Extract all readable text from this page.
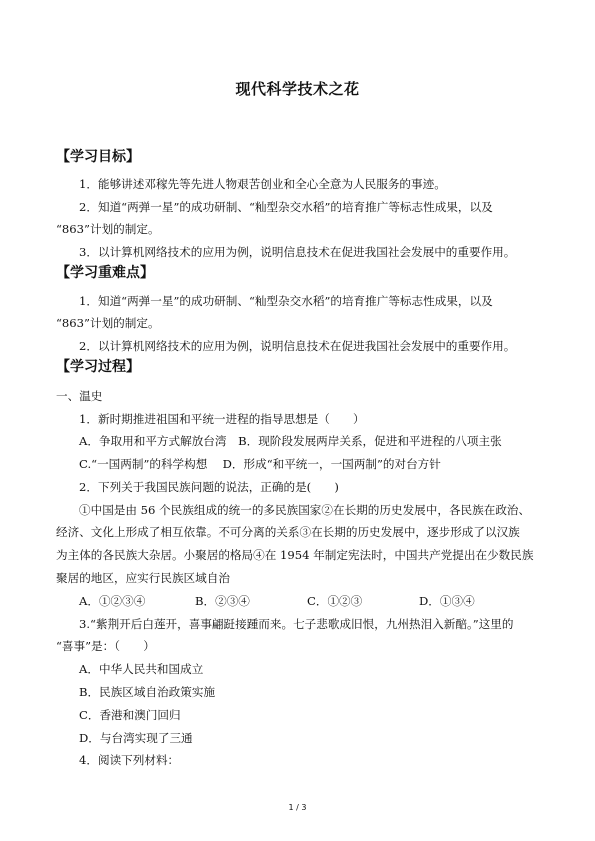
现代科学技术之花
【学习目标】
1．能够讲述邓稼先等先进人物艰苦创业和全心全意为人民服务的事迹。
2．知道“两弹一星”的成功研制、“籼型杂交水稻”的培育推广等标志性成果，以及
“863”计划的制定。
3．以计算机网络技术的应用为例，说明信息技术在促进我国社会发展中的重要作用。
【学习重难点】
1．知道“两弹一星”的成功研制、“籼型杂交水稻”的培育推广等标志性成果，以及
“863”计划的制定。
2．以计算机网络技术的应用为例，说明信息技术在促进我国社会发展中的重要作用。
【学习过程】
一、温史
1．新时期推进祖国和平统一进程的指导思想是（　　）
A．争取用和平方式解放台湾　B．现阶段发展两岸关系，促进和平进程的八项主张
C.“一国两制”的科学构想　 D．形成“和平统一，一国两制”的对台方针
2．下列关于我国民族问题的说法，正确的是(　　)
①中国是由 56 个民族组成的统一的多民族国家②在长期的历史发展中，各民族在政治、
经济、文化上形成了相互依靠。不可分离的关系③在长期的历史发展中，逐步形成了以汉族
为主体的各民族大杂居。小聚居的格局④在 1954 年制定宪法时，中国共产党提出在少数民族
聚居的地区，应实行民族区域自治
A．①②③④	B．②③④	C．①②③	D．①③④
3.“紫荆开后白莲开，喜事翩跹接踵而来。七子悲歌成旧恨，九州热泪入新醅。”这里的
“喜事”是：（　　）
A．中华人民共和国成立
B．民族区域自治政策实施
C．香港和澳门回归
D．与台湾实现了三通
4．阅读下列材料：
1 / 3
